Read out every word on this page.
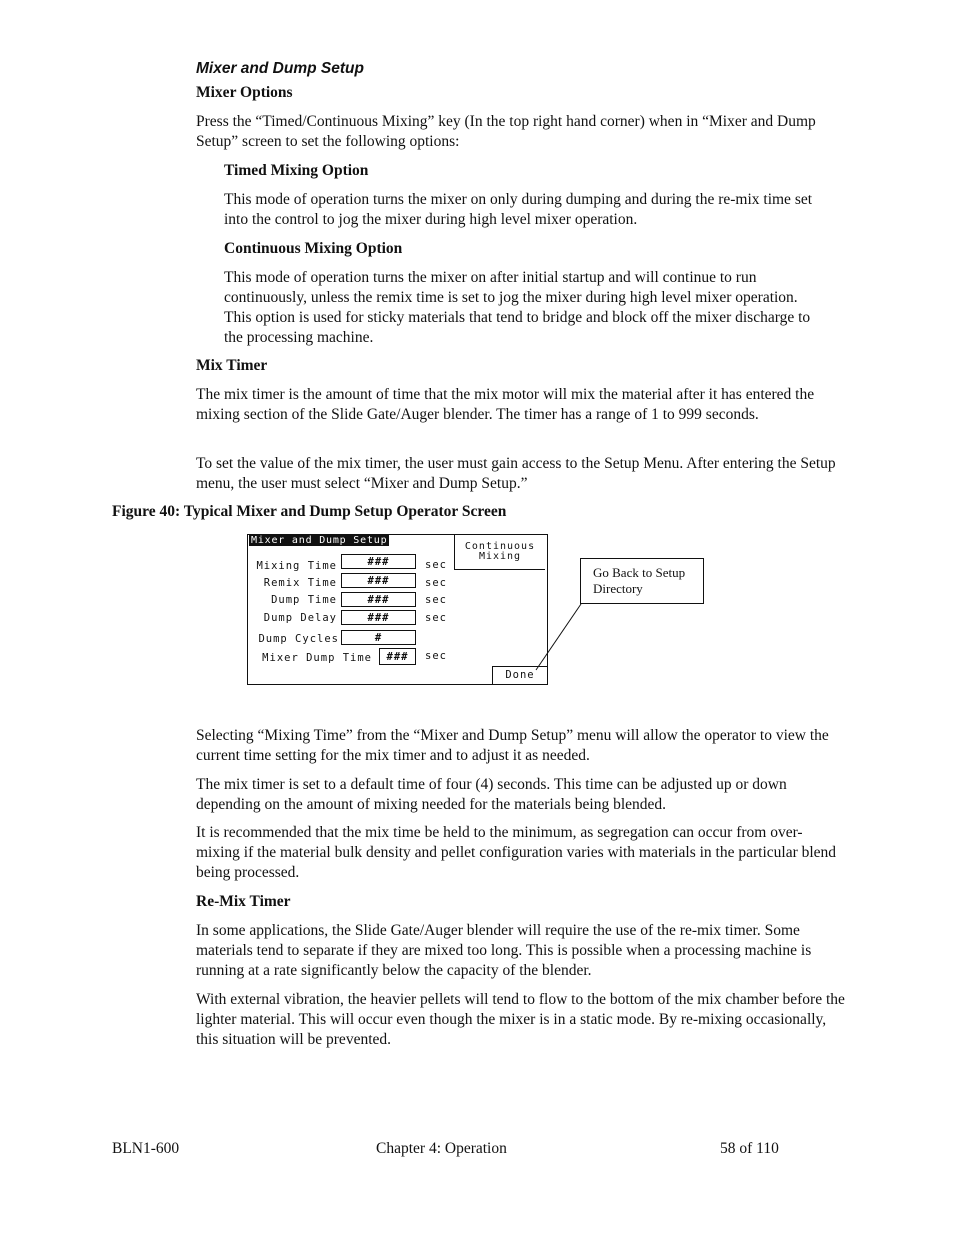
Mixer and Dump Setup
Mixer Options

Press the “Timed/Continuous Mixing” key (In the top right hand corner) when in “Mixer and Dump Setup” screen to set the following options:

Timed Mixing Option

This mode of operation turns the mixer on only during dumping and during the re-mix time set into the control to jog the mixer during high level mixer operation.

Continuous Mixing Option

This mode of operation turns the mixer on after initial startup and will continue to run continuously, unless the remix time is set to jog the mixer during high level mixer operation. This option is used for sticky materials that tend to bridge and block off the mixer discharge to the processing machine.

Mix Timer

The mix timer is the amount of time that the mix motor will mix the material after it has entered the mixing section of the Slide Gate/Auger blender. The timer has a range of 1 to 999 seconds.

To set the value of the mix timer, the user must gain access to the Setup Menu. After entering the Setup menu, the user must select “Mixer and Dump Setup.”

Figure 40: Typical Mixer and Dump Setup Operator Screen
Mixer and Dump Setup
Continuous
Mixing
Mixing Time	###	sec
Remix Time	###	sec
Dump Time	###	sec
Dump Delay	###	sec
Dump Cycles	#
Mixer Dump Time	###	sec
Done
Go Back to Setup
Directory

Selecting “Mixing Time” from the “Mixer and Dump Setup” menu will allow the operator to view the current time setting for the mix timer and to adjust it as needed.

The mix timer is set to a default time of four (4) seconds. This time can be adjusted up or down depending on the amount of mixing needed for the materials being blended.

It is recommended that the mix time be held to the minimum, as segregation can occur from over-mixing if the material bulk density and pellet configuration varies with materials in the particular blend being processed.

Re-Mix Timer

In some applications, the Slide Gate/Auger blender will require the use of the re-mix timer. Some materials tend to separate if they are mixed too long. This is possible when a processing machine is running at a rate significantly below the capacity of the blender.

With external vibration, the heavier pellets will tend to flow to the bottom of the mix chamber before the lighter material. This will occur even though the mixer is in a static mode. By re-mixing occasionally, this situation will be prevented.

BLN1-600	Chapter 4: Operation	58 of 110
